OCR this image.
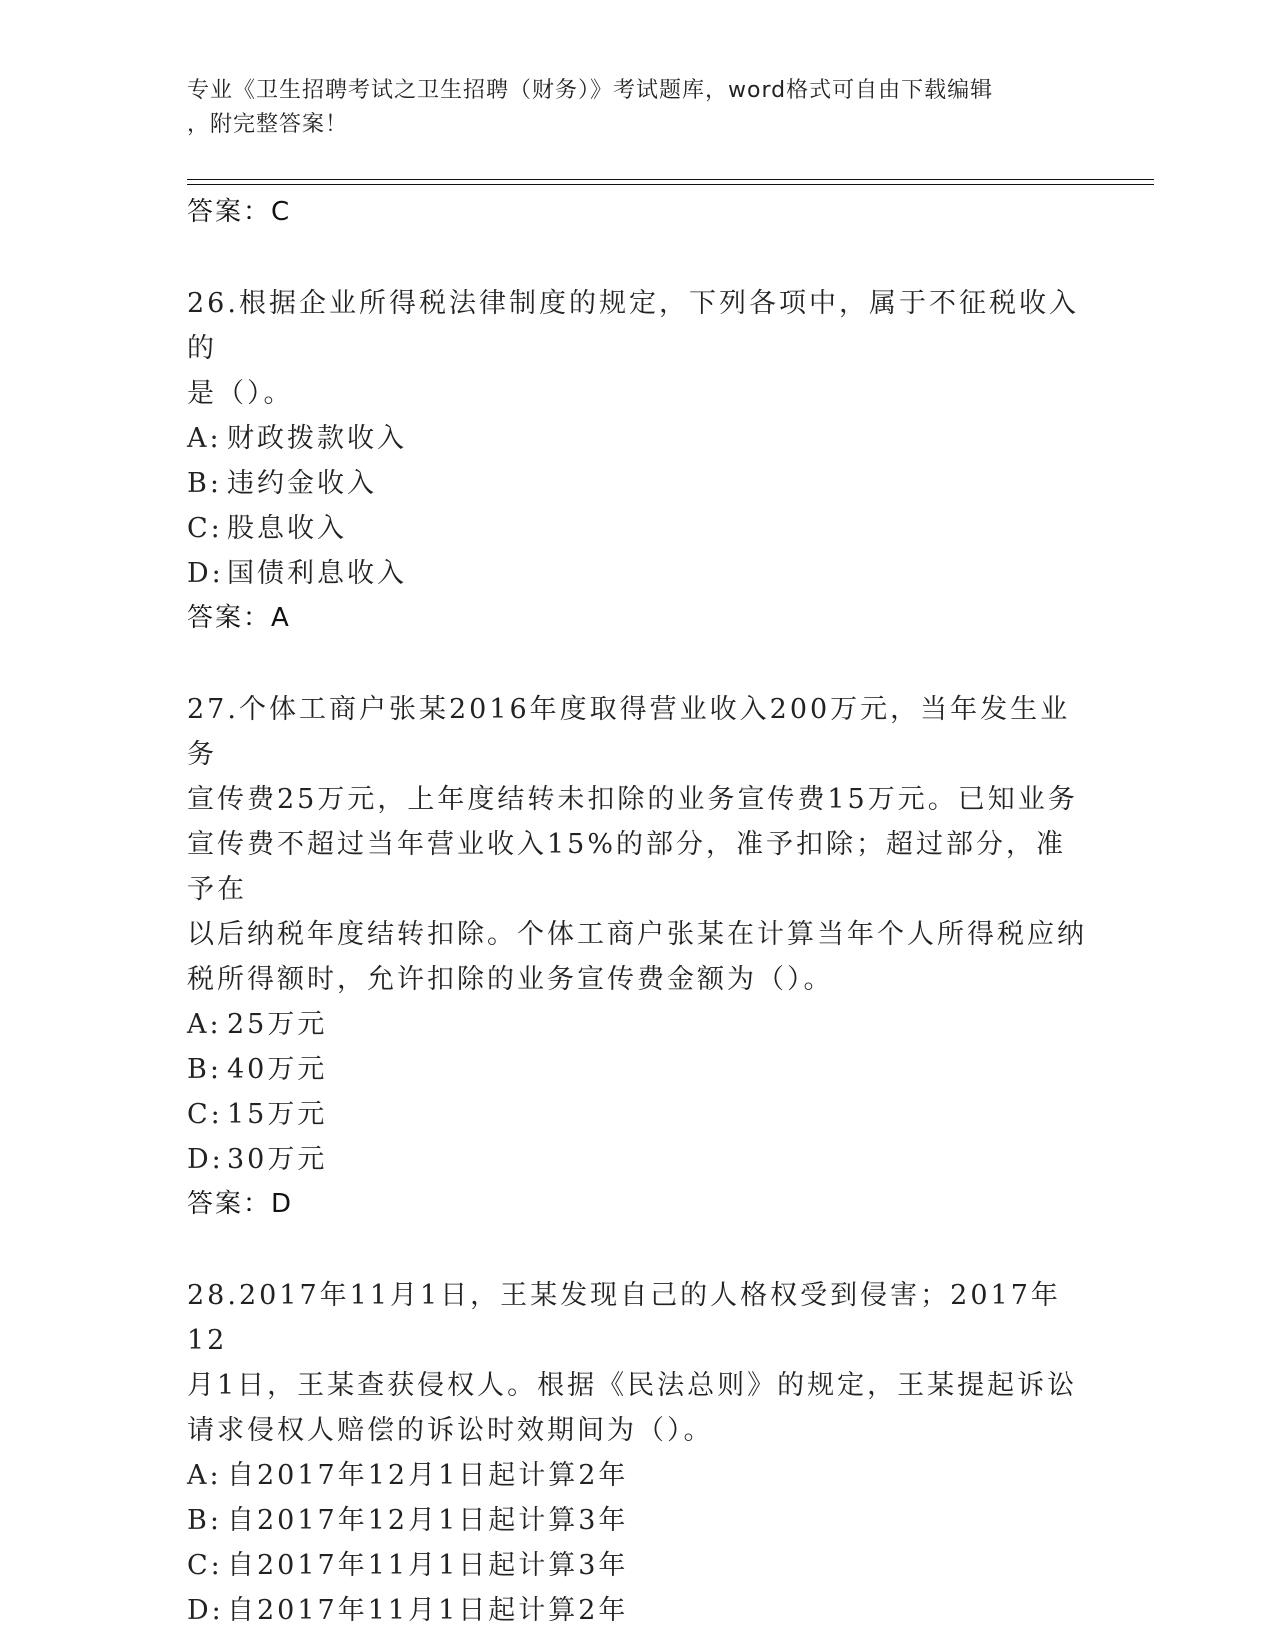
专业《卫生招聘考试之卫生招聘（财务）》考试题库，word格式可自由下载编辑
，附完整答案！
答案：C
26.根据企业所得税法律制度的规定，下列各项中，属于不征税收入的
是（）。
A: 财政拨款收入
B: 违约金收入
C: 股息收入
D: 国债利息收入
答案：A
27.个体工商户张某2016年度取得营业收入200万元，当年发生业务
宣传费25万元，上年度结转未扣除的业务宣传费15万元。已知业务
宣传费不超过当年营业收入15%的部分，准予扣除；超过部分，准予在
以后纳税年度结转扣除。个体工商户张某在计算当年个人所得税应纳
税所得额时，允许扣除的业务宣传费金额为（）。
A: 25万元
B: 40万元
C: 15万元
D: 30万元
答案：D
28.2017年11月1日，王某发现自己的人格权受到侵害；2017年12
月1日，王某查获侵权人。根据《民法总则》的规定，王某提起诉讼
请求侵权人赔偿的诉讼时效期间为（）。
A: 自2017年12月1日起计算2年
B: 自2017年12月1日起计算3年
C: 自2017年11月1日起计算3年
D: 自2017年11月1日起计算2年
